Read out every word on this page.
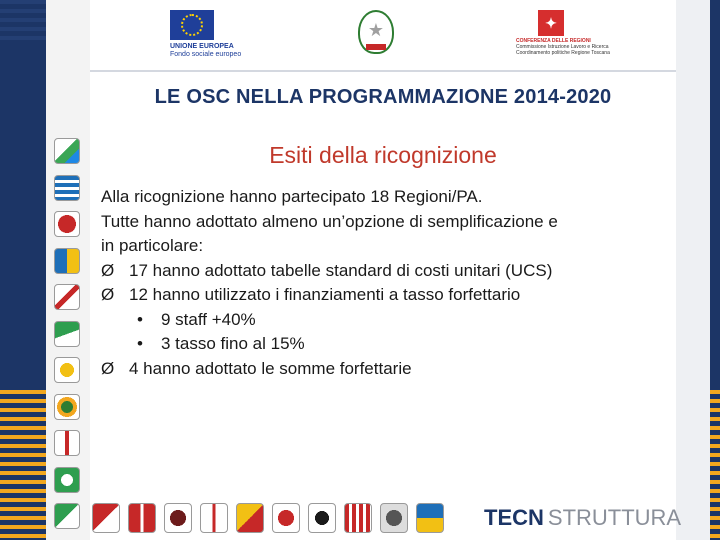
UNIONE EUROPEA
Fondo sociale europeo
★	✦
CONFERENZA DELLE REGIONI
Commissione Istruzione Lavoro e Ricerca
Coordinamento politiche Regione Toscana
LE OSC NELLA PROGRAMMAZIONE 2014-2020
Esiti della ricognizione
Alla ricognizione hanno partecipato 18 Regioni/PA.
Tutte hanno adottato almeno un’opzione di semplificazione e
in particolare:
Ø 17 hanno adottato tabelle standard di costi unitari (UCS)
Ø 12 hanno utilizzato i finanziamenti a tasso forfettario
• 9 staff +40%
• 3 tasso fino al 15%
Ø 4 hanno adottato le somme forfettarie
TECN STRUTTURA
